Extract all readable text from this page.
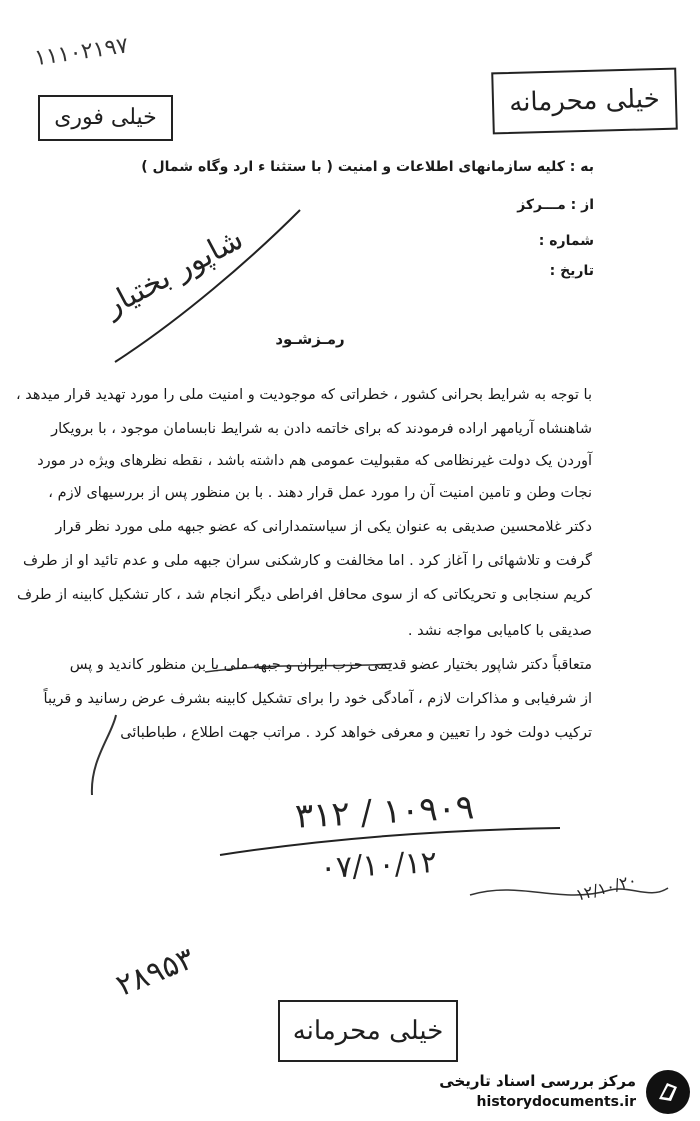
۱۱۱۰۲۱۹۷
خیلی فوری	خیلی محرمانه
به : کلیه سازمانهای اطلاعات و امنیت ( با ستثنا ء ارد وگاه شمال )
از : مـــرکز
شماره :
تاریخ :
شاپور بختیار
رمـزشـود
با توجه به شرایط بحرانی کشور ، خطراتی که موجودیت و امنیت ملی را مورد تهدید قرار میدهد ،
شاهنشاه آریامهر اراده فرمودند که برای خاتمه دادن به شرایط نابسامان موجود ، با برویکار
آوردن یک دولت غیرنظامی که مقبولیت عمومی هم داشته باشد ، نقطه نظرهای ویژه در مورد
نجات وطن و تامین امنیت آن را مورد عمل قرار دهند . با بن منظور پس از بررسیهای لازم ،
دکتر غلامحسین صدیقی به عنوان یکی از سیاستمدارانی که عضو جبهه ملی مورد نظر قرار
گرفت و تلاشهائی را آغاز کرد . اما مخالفت و کارشکنی سران جبهه ملی و عدم تائید او از طرف
کریم سنجابی و تحریکاتی که از سوی محافل افراطی دیگر انجام شد ، کار تشکیل کابینه از طرف
صدیقی با کامیابی مواجه نشد .
متعاقباً دکتر شاپور بختیار عضو قدیمی حزب ایران و جبهه ملی با بن منظور کاندید و پس
از شرفیابی و مذاکرات لازم ، آمادگی خود را برای تشکیل کابینه بشرف عرض رسانید و قریباً
ترکیب دولت خود را تعیین و معرفی خواهد کرد . مراتب جهت اطلاع ، طباطبائی
۳۱۲ / ۱۰۹۰۹
۰۷/۱۰/۱۲
۱۲/۱۰/۲۰
۲۸۹۵۳
خیلی محرمانه
مرکز بررسی اسناد تاریخی
historydocuments.ir
